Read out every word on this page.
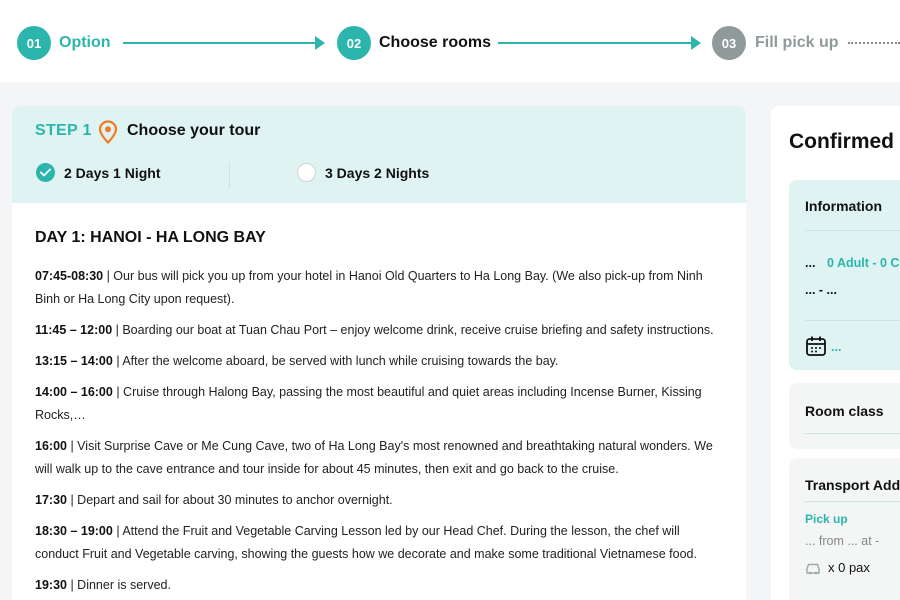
01	Option	02	Choose rooms	03	Fill pick up
STEP 1 Choose your tour
2 Days 1 Night	3 Days 2 Nights
DAY 1: HANOI - HA LONG BAY

07:45-08:30 | Our bus will pick you up from your hotel in Hanoi Old Quarters to Ha Long Bay. (We also pick-up from Ninh Binh or Ha Long City upon request).

11:45 – 12:00 | Boarding our boat at Tuan Chau Port – enjoy welcome drink, receive cruise briefing and safety instructions.

13:15 – 14:00 | After the welcome aboard, be served with lunch while cruising towards the bay.

14:00 – 16:00 | Cruise through Halong Bay, passing the most beautiful and quiet areas including Incense Burner, Kissing Rocks,…

16:00 | Visit Surprise Cave or Me Cung Cave, two of Ha Long Bay's most renowned and breathtaking natural wonders. We will walk up to the cave entrance and tour inside for about 45 minutes, then exit and go back to the cruise.

17:30 | Depart and sail for about 30 minutes to anchor overnight.

18:30 – 19:00 | Attend the Fruit and Vegetable Carving Lesson led by our Head Chef. During the lesson, the chef will conduct Fruit and Vegetable carving, showing the guests how we decorate and make some traditional Vietnamese food.

19:30 | Dinner is served.

Confirmed
Information
... 0 Adult - 0 C
... - ...
...
Room class
Transport Add
Pick up
... from ... at -
x 0 pax
